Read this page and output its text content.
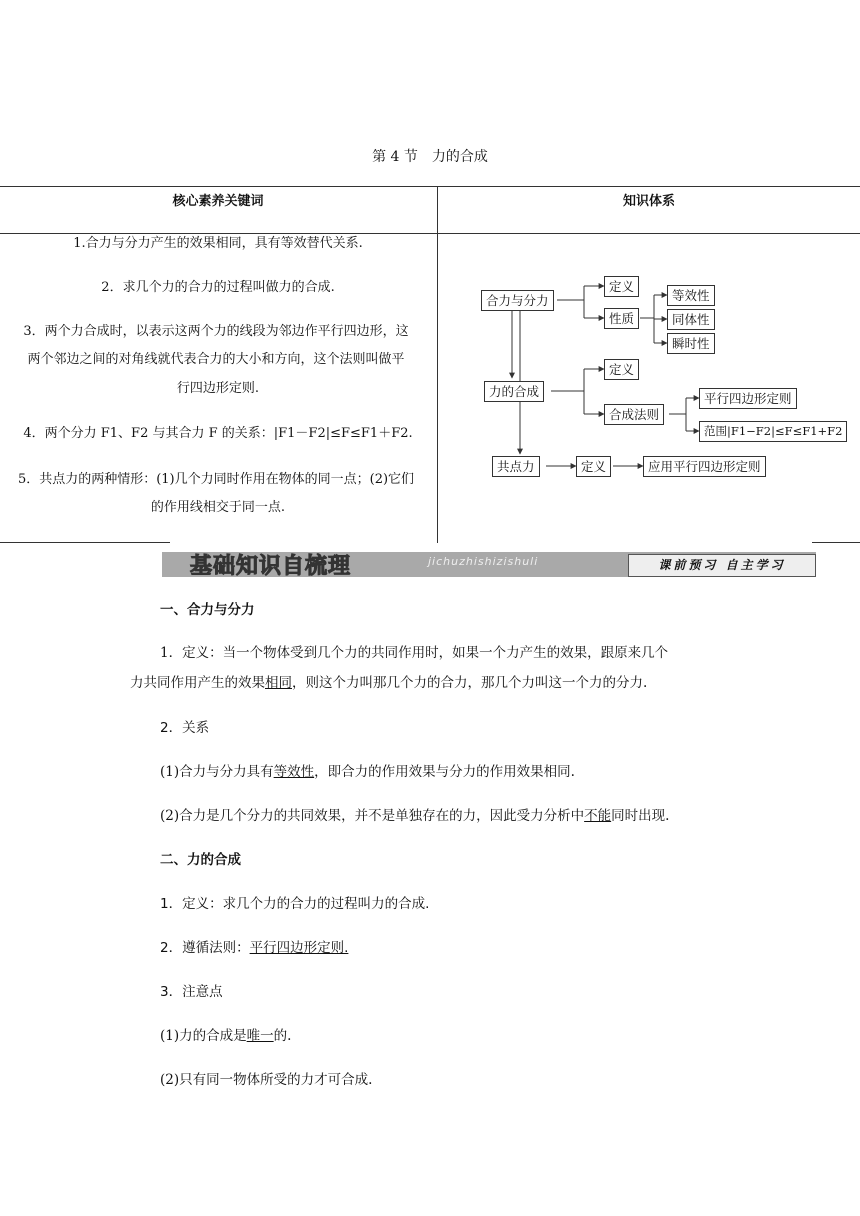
第 4 节　力的合成
核心素养关键词	知识体系
1.合力与分力产生的效果相同，具有等效替代关系.
2．求几个力的合力的过程叫做力的合成.
3．两个力合成时，以表示这两个力的线段为邻边作平行四边形，这
两个邻边之间的对角线就代表合力的大小和方向，这个法则叫做平
行四边形定则.
4．两个分力 F1、F2 与其合力 F 的关系：|F1－F2|≤F≤F1＋F2.
5．共点力的两种情形：(1)几个力同时作用在物体的同一点；(2)它们
的作用线相交于同一点.
合力与分力
定义
性质
等效性
同体性
瞬时性
力的合成
定义
合成法则
平行四边形定则
范围|F1−F2|≤F≤F1+F2
共点力	定义	应用平行四边形定则
基础知识自梳理	jichuzhishizishuli	课前预习 自主学习
一、合力与分力
1．定义：当一个物体受到几个力的共同作用时，如果一个力产生的效果，跟原来几个
力共同作用产生的效果相同，则这个力叫那几个力的合力，那几个力叫这一个力的分力.
2．关系
(1)合力与分力具有等效性，即合力的作用效果与分力的作用效果相同.
(2)合力是几个分力的共同效果，并不是单独存在的力，因此受力分析中不能同时出现.
二、力的合成
1．定义：求几个力的合力的过程叫力的合成.
2．遵循法则：平行四边形定则.
3．注意点
(1)力的合成是唯一的.
(2)只有同一物体所受的力才可合成.
